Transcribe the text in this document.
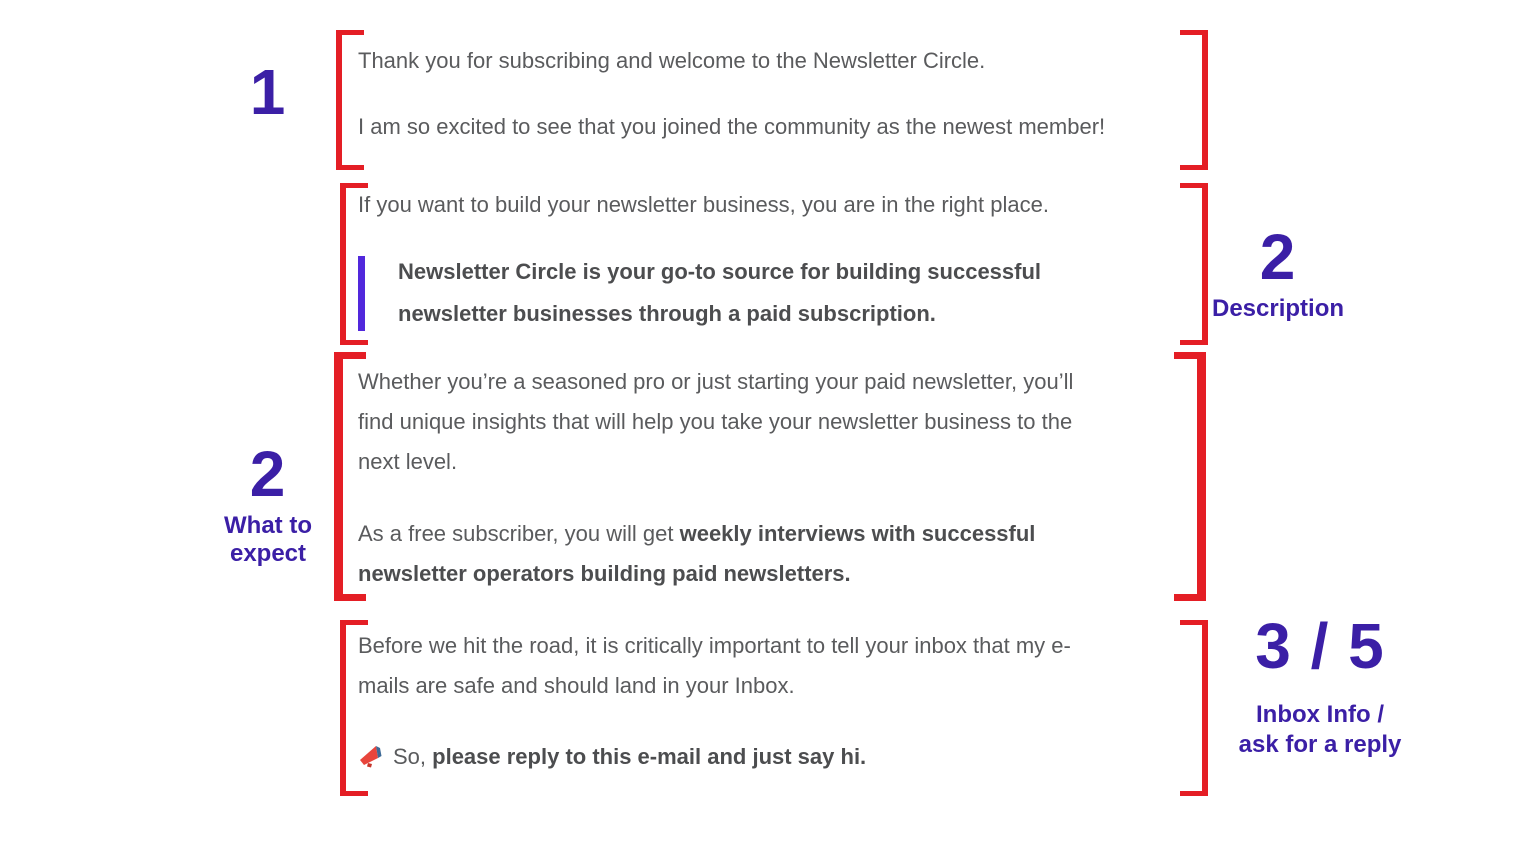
1	Thank you for subscribing and welcome to the Newsletter Circle.
I am so excited to see that you joined the community as the newest member!
If you want to build your newsletter business, you are in the right place.
Newsletter Circle is your go-to source for building successful
newsletter businesses through a paid subscription.
2
Description
2
What to
expect
Whether you’re a seasoned pro or just starting your paid newsletter, you’ll
find unique insights that will help you take your newsletter business to the
next level.
As a free subscriber, you will get weekly interviews with successful
newsletter operators building paid newsletters.
Before we hit the road, it is critically important to tell your inbox that my e-
mails are safe and should land in your Inbox.
So, please reply to this e-mail and just say hi.
3 / 5
Inbox Info /
ask for a reply
